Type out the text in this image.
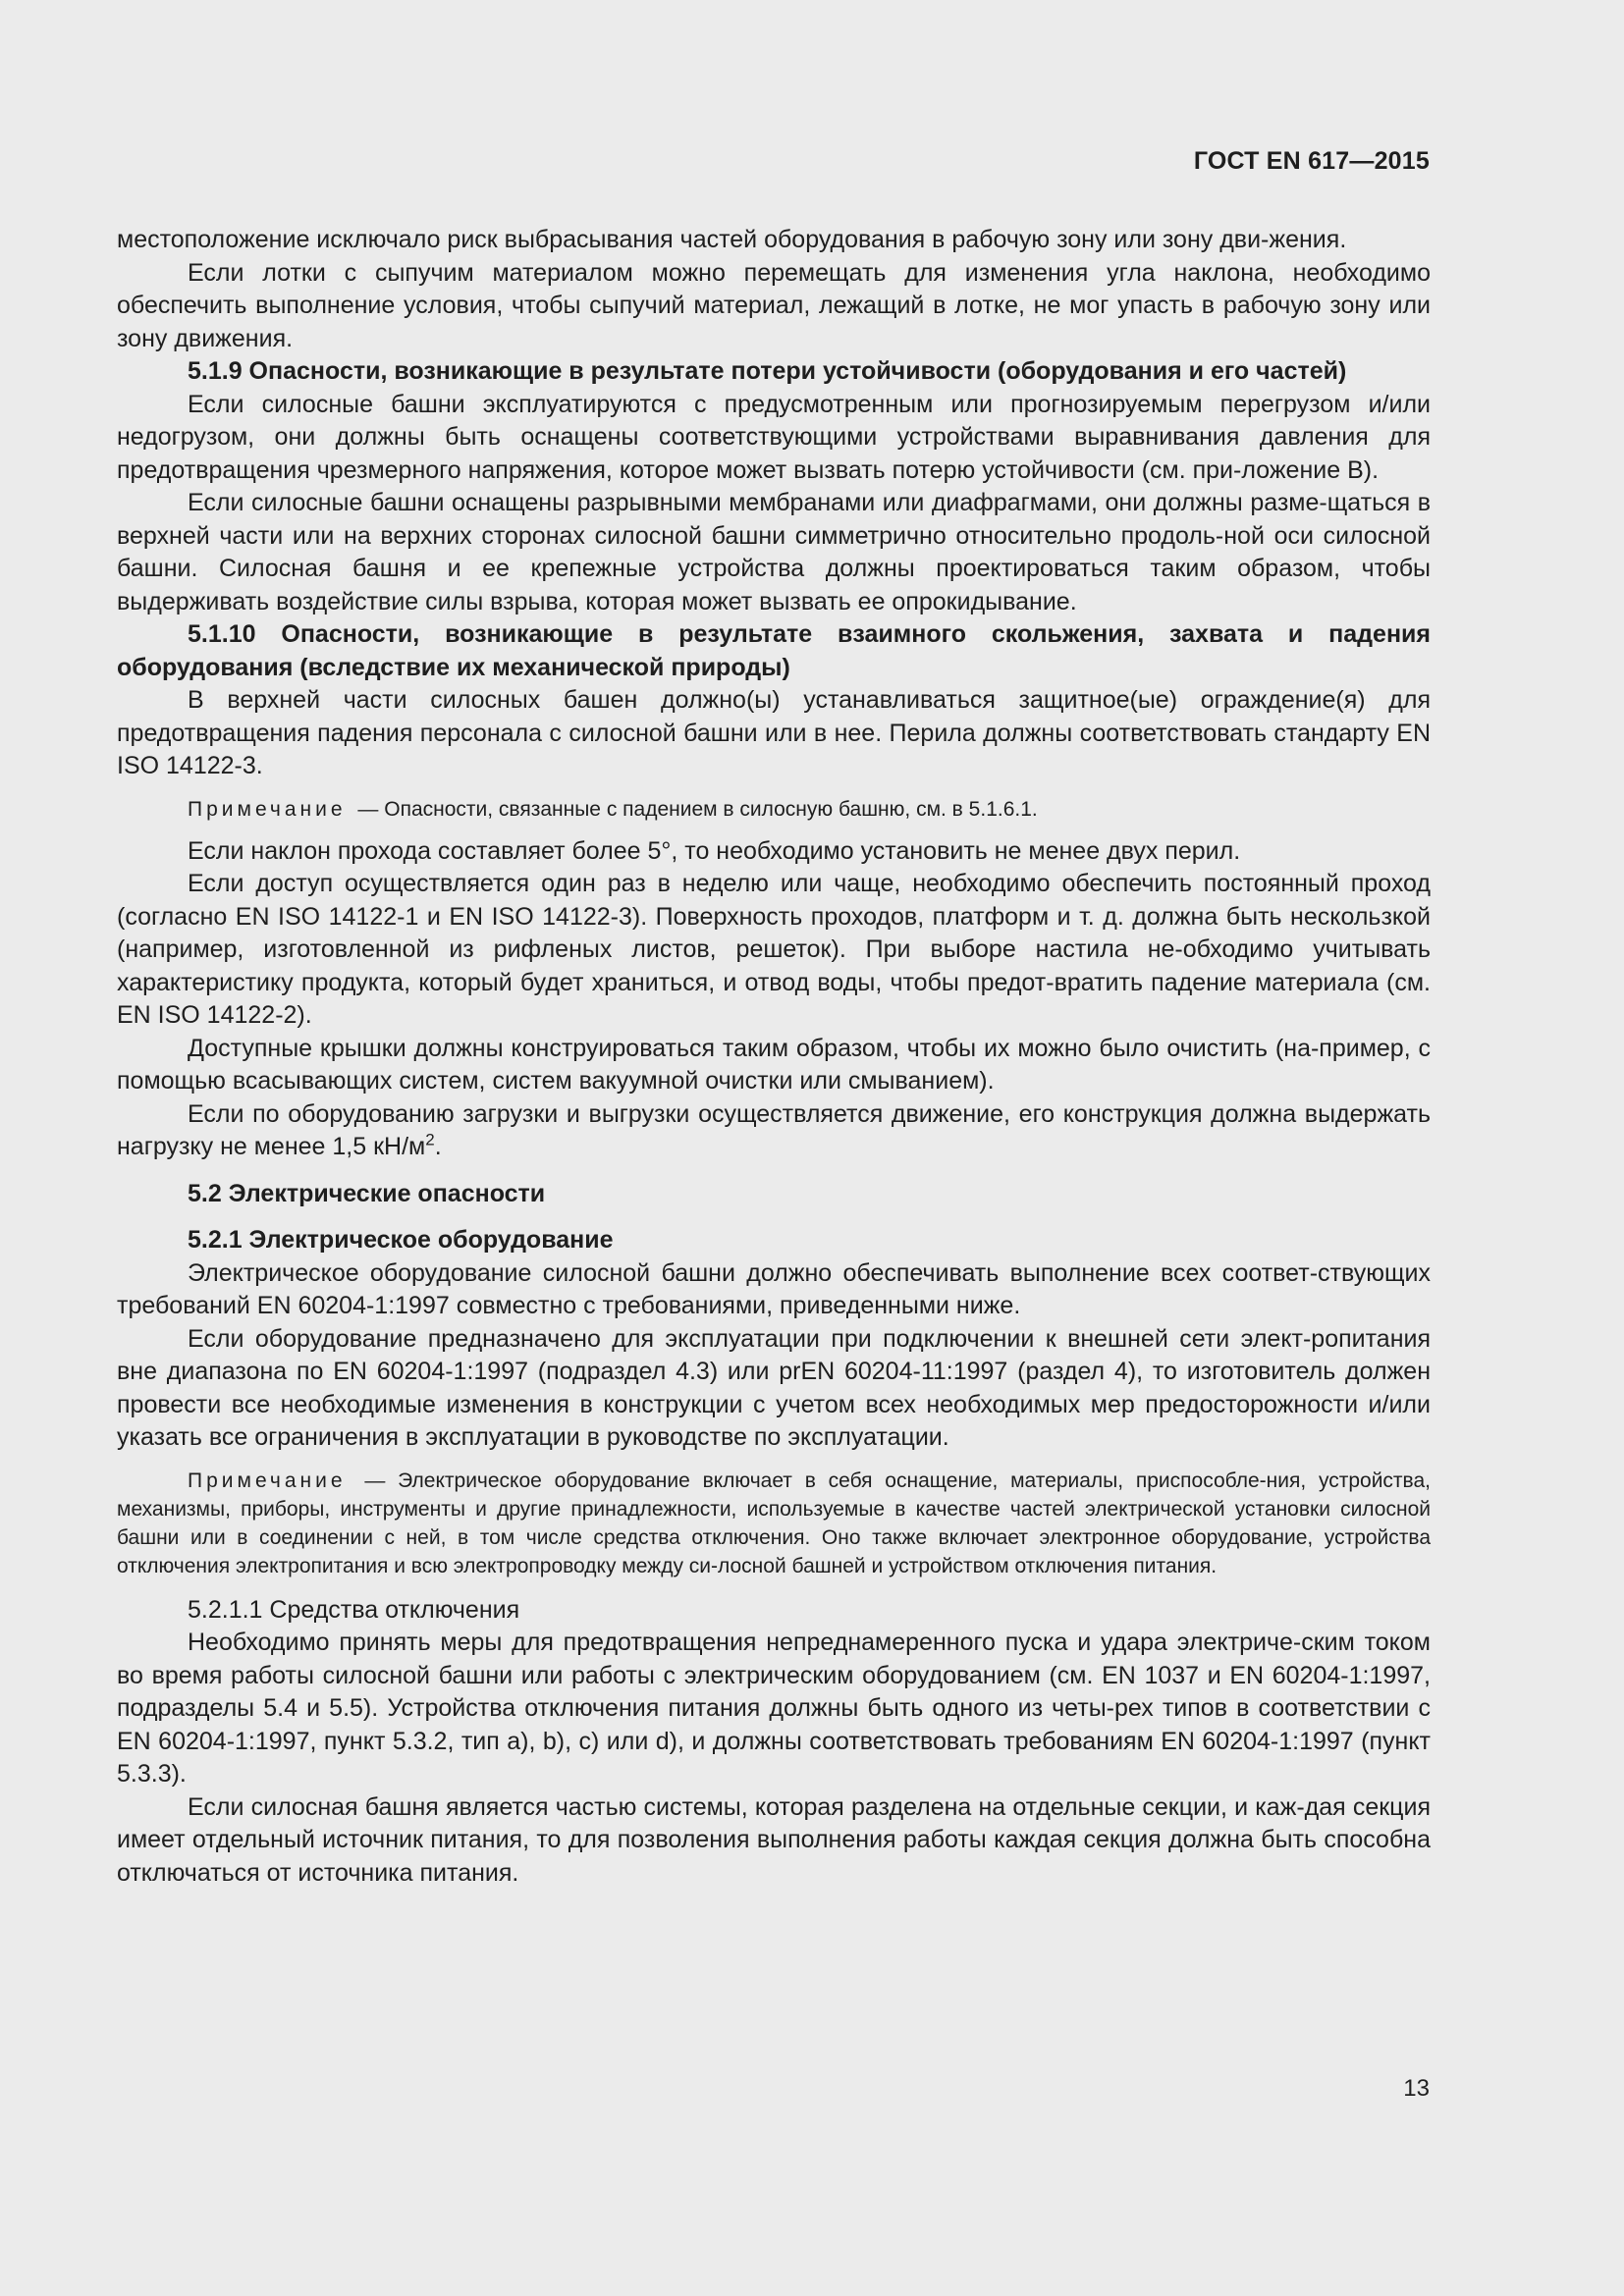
ГОСТ EN 617—2015

местоположение исключало риск выбрасывания частей оборудования в рабочую зону или зону дви-жения.

Если лотки с сыпучим материалом можно перемещать для изменения угла наклона, необходимо обеспечить выполнение условия, чтобы сыпучий материал, лежащий в лотке, не мог упасть в рабочую зону или зону движения.

5.1.9 Опасности, возникающие в результате потери устойчивости (оборудования и его частей)

Если силосные башни эксплуатируются с предусмотренным или прогнозируемым перегрузом и/или недогрузом, они должны быть оснащены соответствующими устройствами выравнивания давления для предотвращения чрезмерного напряжения, которое может вызвать потерю устойчивости (см. при-ложение В).

Если силосные башни оснащены разрывными мембранами или диафрагмами, они должны разме-щаться в верхней части или на верхних сторонах силосной башни симметрично относительно продоль-ной оси силосной башни. Силосная башня и ее крепежные устройства должны проектироваться таким образом, чтобы выдерживать воздействие силы взрыва, которая может вызвать ее опрокидывание.

5.1.10 Опасности, возникающие в результате взаимного скольжения, захвата и падения оборудования (вследствие их механической природы)

В верхней части силосных башен должно(ы) устанавливаться защитное(ые) ограждение(я) для предотвращения падения персонала с силосной башни или в нее. Перила должны соответствовать стандарту EN ISO 14122-3.

Примечание — Опасности, связанные с падением в силосную башню, см. в 5.1.6.1.

Если наклон прохода составляет более 5°, то необходимо установить не менее двух перил.

Если доступ осуществляется один раз в неделю или чаще, необходимо обеспечить постоянный проход (согласно EN ISO 14122-1 и EN ISO 14122-3). Поверхность проходов, платформ и т. д. должна быть нескользкой (например, изготовленной из рифленых листов, решеток). При выборе настила не-обходимо учитывать характеристику продукта, который будет храниться, и отвод воды, чтобы предот-вратить падение материала (см. EN ISO 14122-2).

Доступные крышки должны конструироваться таким образом, чтобы их можно было очистить (на-пример, с помощью всасывающих систем, систем вакуумной очистки или смыванием).

Если по оборудованию загрузки и выгрузки осуществляется движение, его конструкция должна выдержать нагрузку не менее 1,5 $кН/м^2$.

5.2 Электрические опасности

5.2.1 Электрическое оборудование

Электрическое оборудование силосной башни должно обеспечивать выполнение всех соответ-ствующих требований EN 60204-1:1997 совместно с требованиями, приведенными ниже.

Если оборудование предназначено для эксплуатации при подключении к внешней сети элект-ропитания вне диапазона по EN 60204-1:1997 (подраздел 4.3) или prEN 60204-11:1997 (раздел 4), то изготовитель должен провести все необходимые изменения в конструкции с учетом всех необходимых мер предосторожности и/или указать все ограничения в эксплуатации в руководстве по эксплуатации.

Примечание — Электрическое оборудование включает в себя оснащение, материалы, приспособле-ния, устройства, механизмы, приборы, инструменты и другие принадлежности, используемые в качестве частей электрической установки силосной башни или в соединении с ней, в том числе средства отключения. Оно также включает электронное оборудование, устройства отключения электропитания и всю электропроводку между си-лосной башней и устройством отключения питания.

5.2.1.1 Средства отключения

Необходимо принять меры для предотвращения непреднамеренного пуска и удара электриче-ским током во время работы силосной башни или работы с электрическим оборудованием (см. EN 1037 и EN 60204-1:1997, подразделы 5.4 и 5.5). Устройства отключения питания должны быть одного из четы-рех типов в соответствии с EN 60204-1:1997, пункт 5.3.2, тип а), b), с) или d), и должны соответствовать требованиям EN 60204-1:1997 (пункт 5.3.3).

Если силосная башня является частью системы, которая разделена на отдельные секции, и каж-дая секция имеет отдельный источник питания, то для позволения выполнения работы каждая секция должна быть способна отключаться от источника питания.

13
